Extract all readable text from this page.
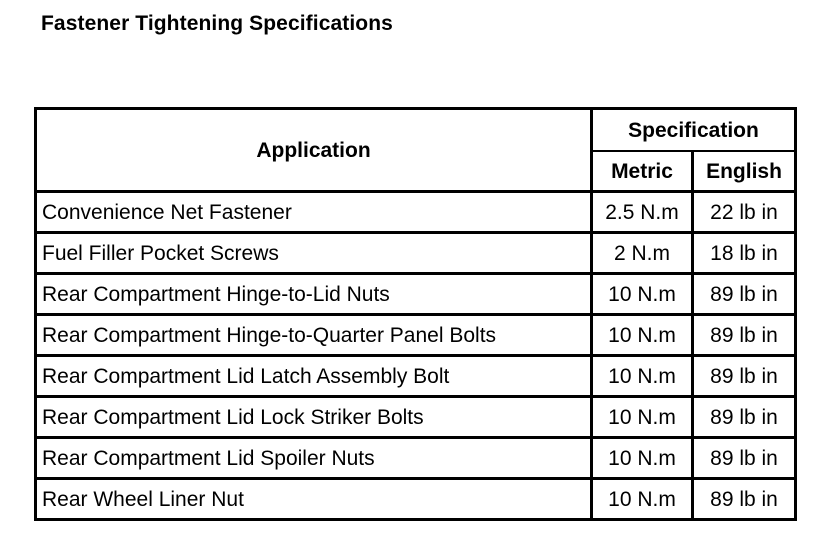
Fastener Tightening Specifications
Application	Specification	
	Metric	English
Convenience Net Fastener	2.5 N.m	22 lb in
Fuel Filler Pocket Screws	2 N.m	18 lb in
Rear Compartment Hinge-to-Lid Nuts	10 N.m	89 lb in
Rear Compartment Hinge-to-Quarter Panel Bolts	10 N.m	89 lb in
Rear Compartment Lid Latch Assembly Bolt	10 N.m	89 lb in
Rear Compartment Lid Lock Striker Bolts	10 N.m	89 lb in
Rear Compartment Lid Spoiler Nuts	10 N.m	89 lb in
Rear Wheel Liner Nut	10 N.m	89 lb in
